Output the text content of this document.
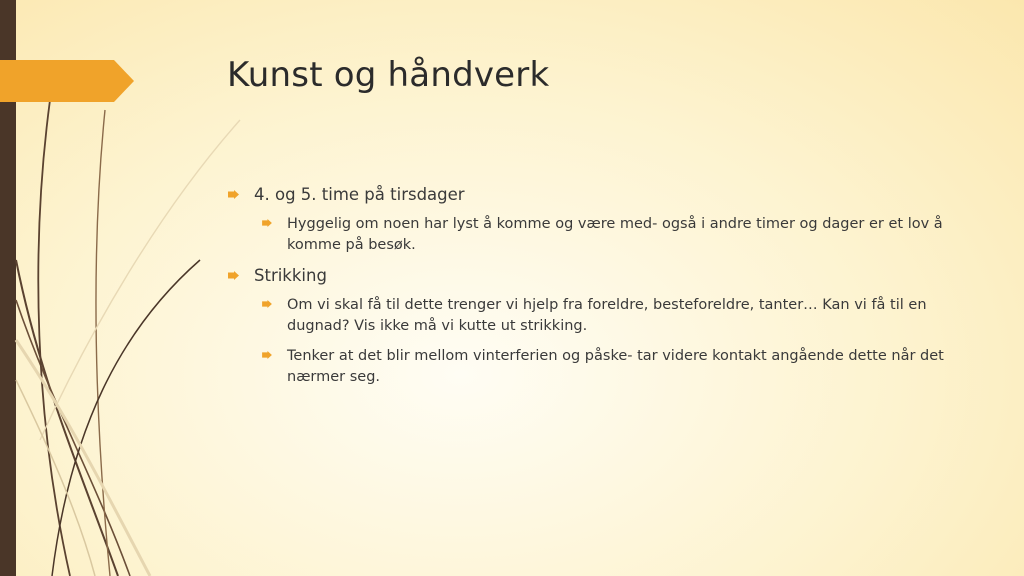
Kunst og håndverk
4. og 5. time på tirsdager
Hyggelig om noen har lyst å komme og være med- også i andre timer og dager er et lov å komme på besøk.
Strikking
Om vi skal få til dette trenger vi hjelp fra foreldre, besteforeldre, tanter… Kan vi få til en dugnad? Vis ikke må vi kutte ut strikking.
Tenker at det blir mellom vinterferien og påske- tar videre kontakt angående dette når det nærmer seg.
